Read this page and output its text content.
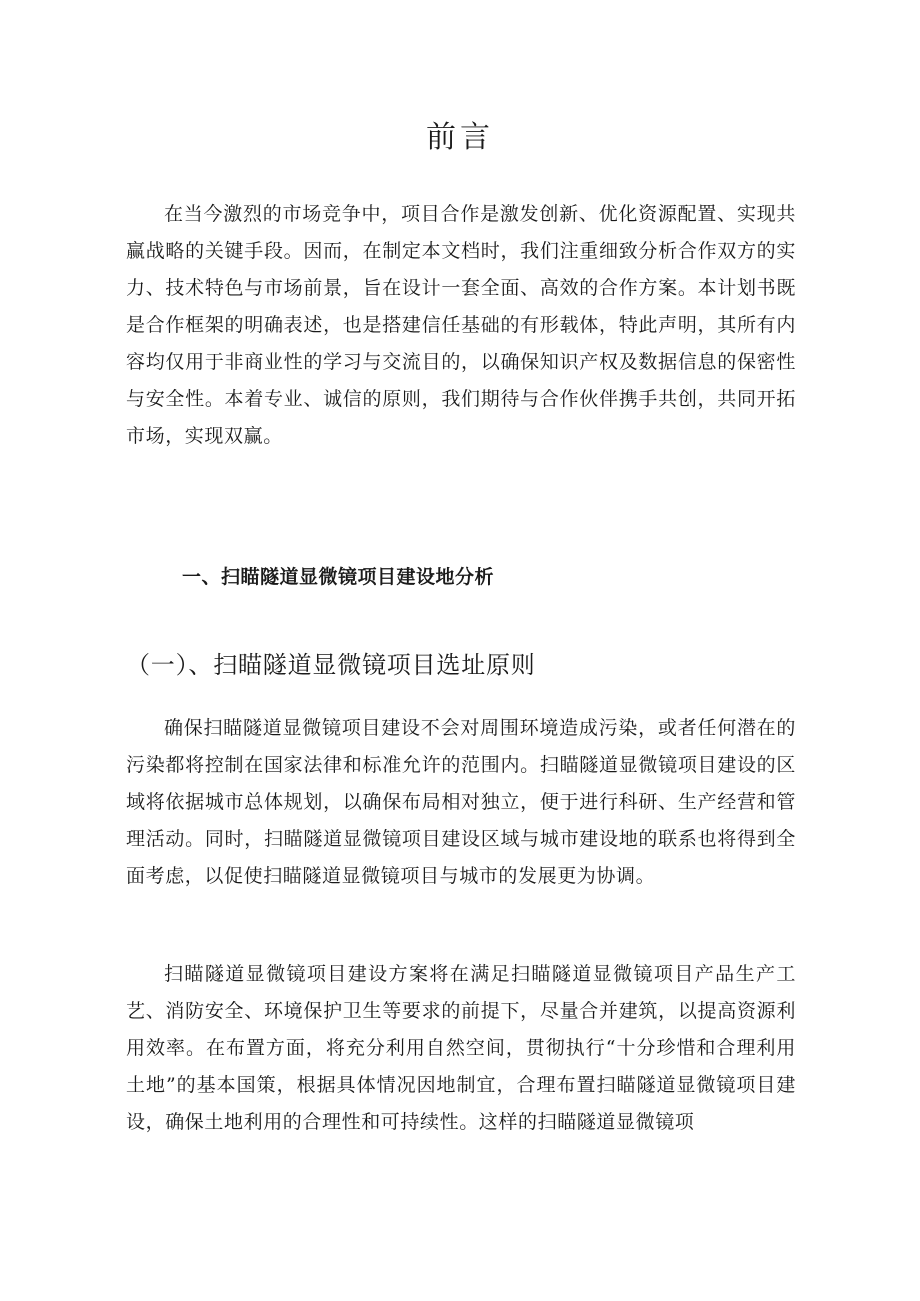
前言

在当今激烈的市场竞争中，项目合作是激发创新、优化资源配置、实现共赢战略的关键手段。因而，在制定本文档时，我们注重细致分析合作双方的实力、技术特色与市场前景，旨在设计一套全面、高效的合作方案。本计划书既是合作框架的明确表述，也是搭建信任基础的有形载体，特此声明，其所有内容均仅用于非商业性的学习与交流目的，以确保知识产权及数据信息的保密性与安全性。本着专业、诚信的原则，我们期待与合作伙伴携手共创，共同开拓市场，实现双赢。

一、扫瞄隧道显微镜项目建设地分析
（一）、扫瞄隧道显微镜项目选址原则

确保扫瞄隧道显微镜项目建设不会对周围环境造成污染，或者任何潜在的污染都将控制在国家法律和标准允许的范围内。扫瞄隧道显微镜项目建设的区域将依据城市总体规划，以确保布局相对独立，便于进行科研、生产经营和管理活动。同时，扫瞄隧道显微镜项目建设区域与城市建设地的联系也将得到全面考虑，以促使扫瞄隧道显微镜项目与城市的发展更为协调。

扫瞄隧道显微镜项目建设方案将在满足扫瞄隧道显微镜项目产品生产工艺、消防安全、环境保护卫生等要求的前提下，尽量合并建筑，以提高资源利用效率。在布置方面，将充分利用自然空间，贯彻执行“十分珍惜和合理利用土地”的基本国策，根据具体情况因地制宜，合理布置扫瞄隧道显微镜项目建设，确保土地利用的合理性和可持续性。这样的扫瞄隧道显微镜项
